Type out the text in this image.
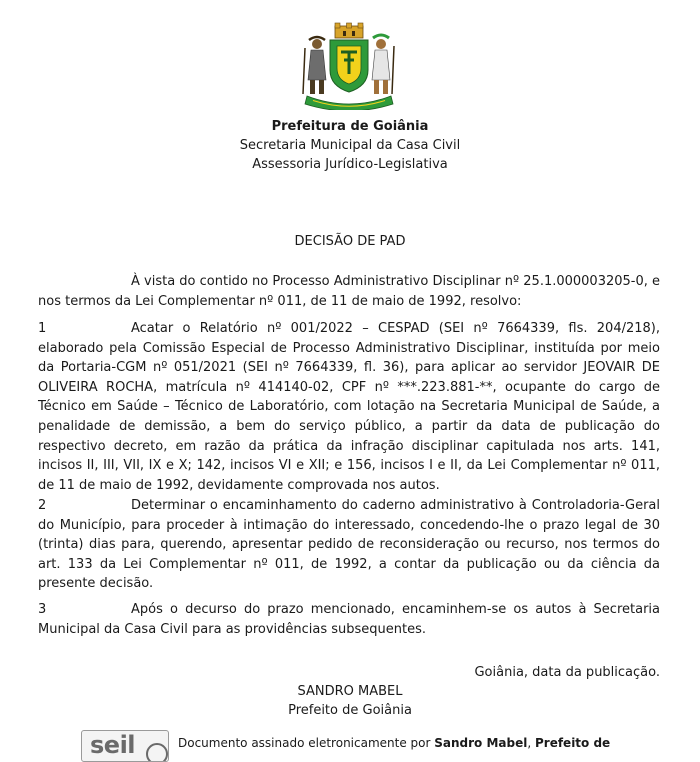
Prefeitura de Goiânia
Secretaria Municipal da Casa Civil
Assessoria Jurídico-Legislativa
DECISÃO DE PAD
À vista do contido no Processo Administrativo Disciplinar nº 25.1.000003205-0, e nos termos da Lei Complementar nº 011, de 11 de maio de 1992, resolvo:
1	Acatar o Relatório nº 001/2022 – CESPAD (SEI nº 7664339, fls. 204/218), elaborado pela Comissão Especial de Processo Administrativo Disciplinar, instituída por meio da Portaria-CGM nº 051/2021 (SEI nº 7664339, fl. 36), para aplicar ao servidor JEOVAIR DE OLIVEIRA ROCHA, matrícula nº 414140-02, CPF nº ***.223.881-**, ocupante do cargo de Técnico em Saúde – Técnico de Laboratório, com lotação na Secretaria Municipal de Saúde, a penalidade de demissão, a bem do serviço público, a partir da data de publicação do respectivo decreto, em razão da prática da infração disciplinar capitulada nos arts. 141, incisos II, III, VII, IX e X; 142, incisos VI e XII; e 156, incisos I e II, da Lei Complementar nº 011, de 11 de maio de 1992, devidamente comprovada nos autos.
2	Determinar o encaminhamento do caderno administrativo à Controladoria-Geral do Município, para proceder à intimação do interessado, concedendo-lhe o prazo legal de 30 (trinta) dias para, querendo, apresentar pedido de reconsideração ou recurso, nos termos do art. 133 da Lei Complementar nº 011, de 1992, a contar da publicação ou da ciência da presente decisão.
3	Após o decurso do prazo mencionado, encaminhem-se os autos à Secretaria Municipal da Casa Civil para as providências subsequentes.
Goiânia, data da publicação.
SANDRO MABEL
Prefeito de Goiânia
seil	Documento assinado eletronicamente por Sandro Mabel, Prefeito de
